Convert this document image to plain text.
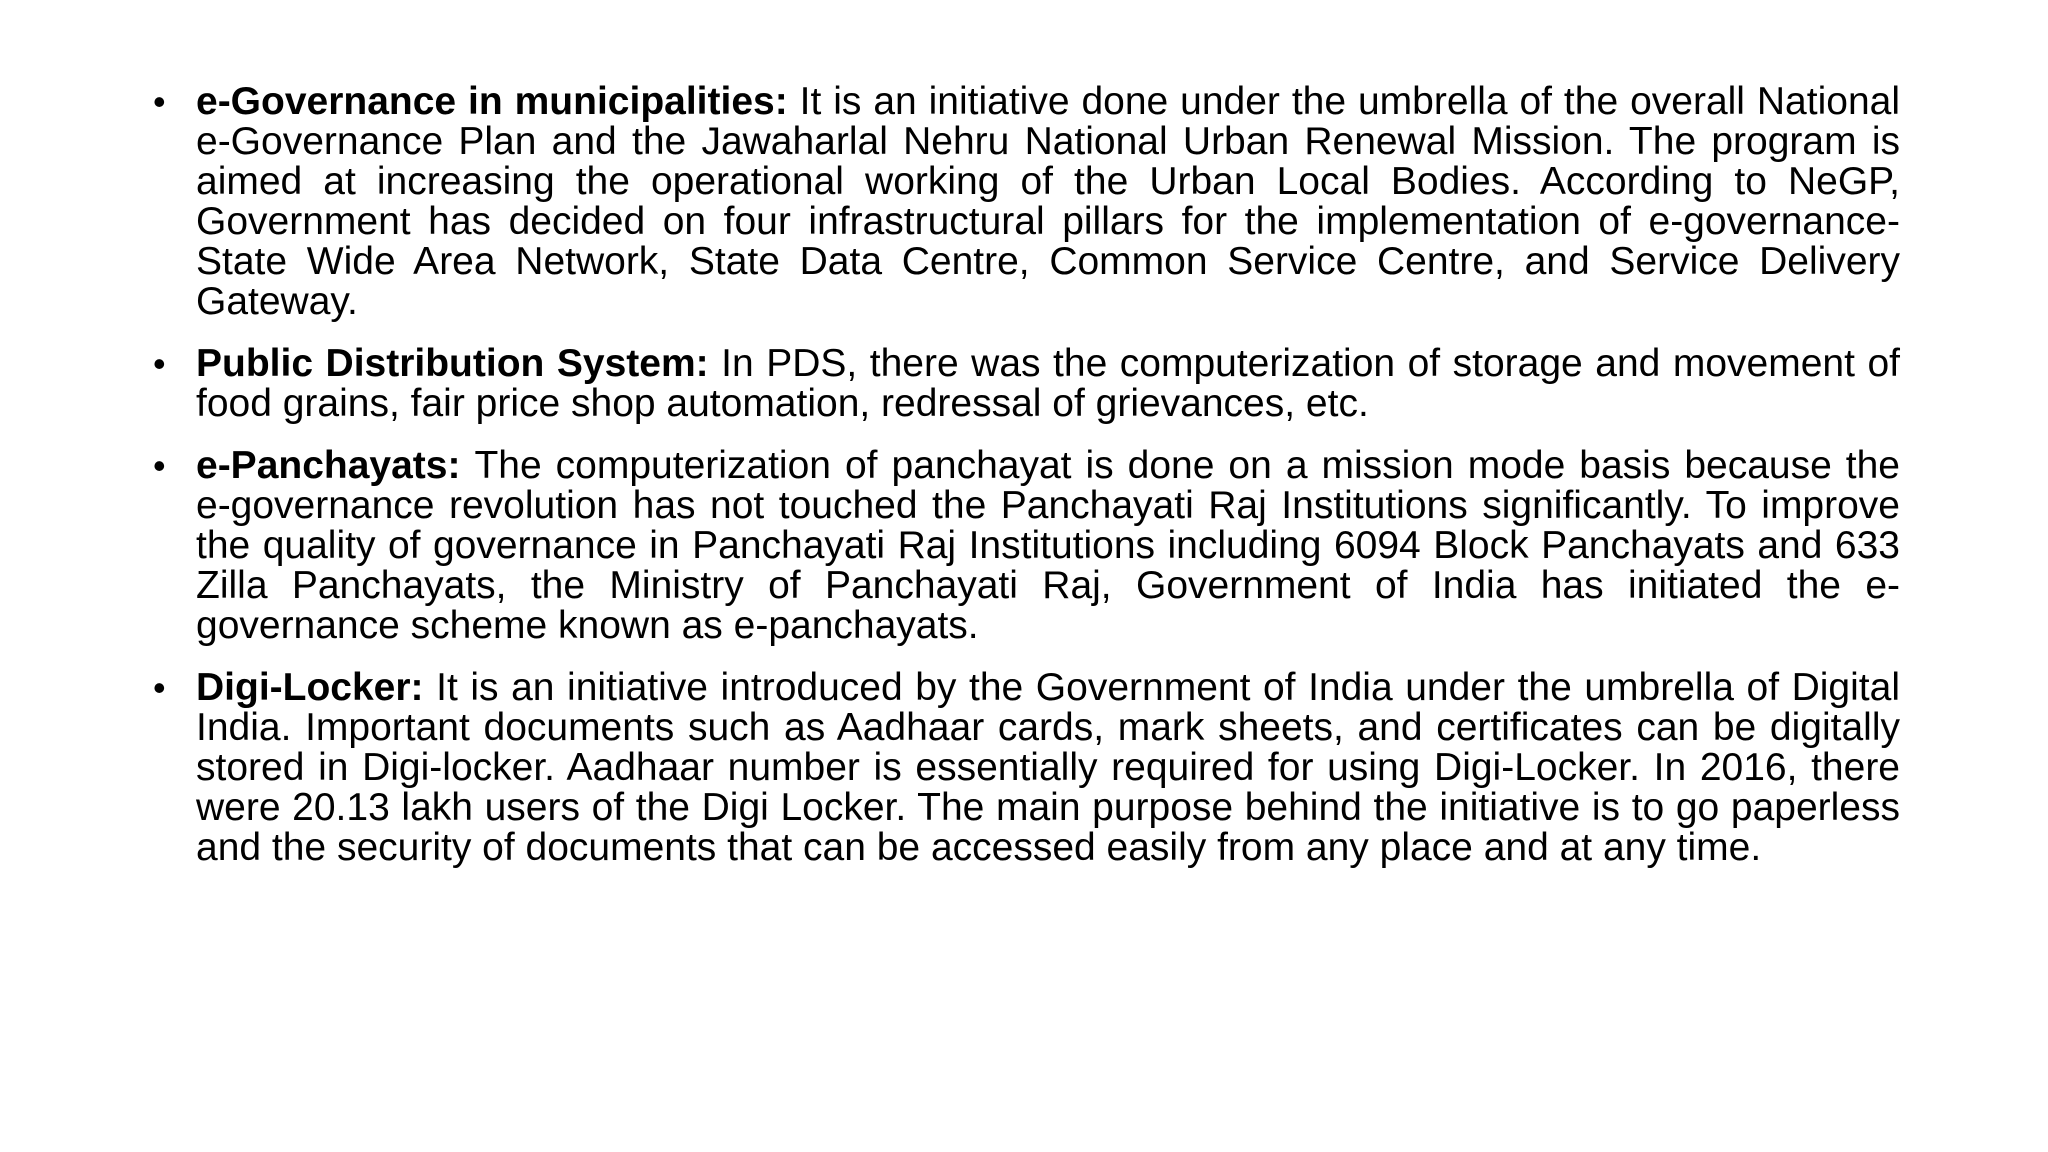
• e-Governance in municipalities: It is an initiative done under the umbrella of the overall National e-Governance Plan and the Jawaharlal Nehru National Urban Renewal Mission. The program is aimed at increasing the operational working of the Urban Local Bodies. According to NeGP, Government has decided on four infrastructural pillars for the implementation of e-governance- State Wide Area Network, State Data Centre, Common Service Centre, and Service Delivery Gateway.
• Public Distribution System: In PDS, there was the computerization of storage and movement of food grains, fair price shop automation, redressal of grievances, etc.
• e-Panchayats: The computerization of panchayat is done on a mission mode basis because the e-governance revolution has not touched the Panchayati Raj Institutions significantly. To improve the quality of governance in Panchayati Raj Institutions including 6094 Block Panchayats and 633 Zilla Panchayats, the Ministry of Panchayati Raj, Government of India has initiated the e-governance scheme known as e-panchayats.
• Digi-Locker: It is an initiative introduced by the Government of India under the umbrella of Digital India. Important documents such as Aadhaar cards, mark sheets, and certificates can be digitally stored in Digi-locker. Aadhaar number is essentially required for using Digi-Locker. In 2016, there were 20.13 lakh users of the Digi Locker. The main purpose behind the initiative is to go paperless and the security of documents that can be accessed easily from any place and at any time.
